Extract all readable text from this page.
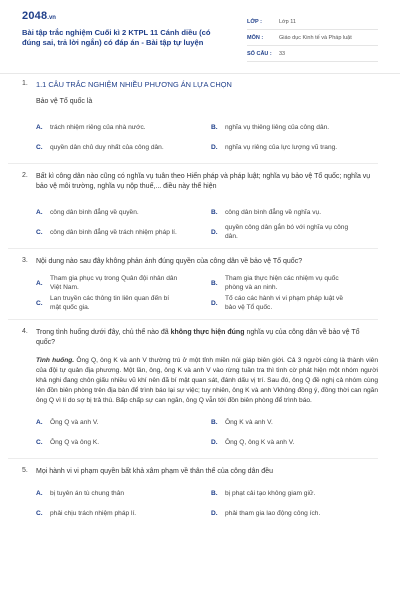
2048.vn
Bài tập trắc nghiệm Cuối kì 2 KTPL 11 Cánh diều (có đúng sai, trả lời ngắn) có đáp án - Bài tập tự luyện
LỚP :	Lớp 11
MÔN :	Giáo dục Kinh tế và Pháp luật
SỐ CÂU :	33
1. 1.1 CÂU TRẮC NGHIỆM NHIỀU PHƯƠNG ÁN LỰA CHỌN
Bảo vệ Tổ quốc là
A.	trách nhiệm riêng của nhà nước.	B.	nghĩa vụ thiêng liêng của công dân.
C.	quyền dân chủ duy nhất của công dân.	D.	nghĩa vụ riêng của lực lượng vũ trang.
2. Bất kì công dân nào cũng có nghĩa vụ tuân theo Hiến pháp và pháp luật; nghĩa vụ bảo vệ Tổ quốc; nghĩa vụ bảo vệ môi trường, nghĩa vụ nộp thuế,... điều này thể hiện
A.	công dân bình đẳng về quyền.	B.	công dân bình đẳng về nghĩa vụ.
C.	công dân bình đẳng về trách nhiệm pháp lí.	D.
quyền công dân gắn bó với nghĩa vụ công dân.
3. Nội dung nào sau đây không phản ánh đúng quyền của công dân về bảo vệ Tổ quốc?
A.
Tham gia phục vụ trong Quân đội nhân dân Việt Nam.
B.
Tham gia thực hiện các nhiệm vụ quốc phòng và an ninh.
C.
Lan truyền các thông tin liên quan đến bí mật quốc gia.
D.
Tố cáo các hành vi vi phạm pháp luật về bảo vệ Tổ quốc.
4. Trong tình huống dưới đây, chủ thể nào đã không thực hiện đúng nghĩa vụ của công dân về bảo vệ Tổ quốc?
Tình huống. Ông Q, ông K và anh V thường trú ở một tỉnh miền núi giáp biên giới. Cả 3 người cùng là thành viên của đội tự quản địa phương. Một lần, ông, ông K và anh V vào rừng tuần tra thì tình cờ phát hiện một nhóm người khả nghi đang chôn giấu nhiều vũ khí nên đã bí mật quan sát, đánh dấu vị trí. Sau đó, ông Q đề nghị cả nhóm cùng lên đồn biên phòng trên địa bàn để trình báo lại sự việc; tuy nhiên, ông K và anh Vkhông đồng ý, đồng thời can ngăn ông Q vì lí do sợ bị trả thù. Bấp chấp sự can ngăn, ông Q vẫn tới đồn biên phòng để trình báo.
A.	Ông Q và anh V.	B.	Ông K và anh V.
C.	Ông Q và ông K.	D.	Ông Q, ông K và anh V.
5. Mọi hành vi vi phạm quyền bất khả xâm phạm về thân thể của công dân đều
A.	bị tuyên án tù chung thân	B.	bị phạt cải tạo không giam giữ.
C.	phải chịu trách nhiệm pháp lí.	D.	phải tham gia lao động công ích.
